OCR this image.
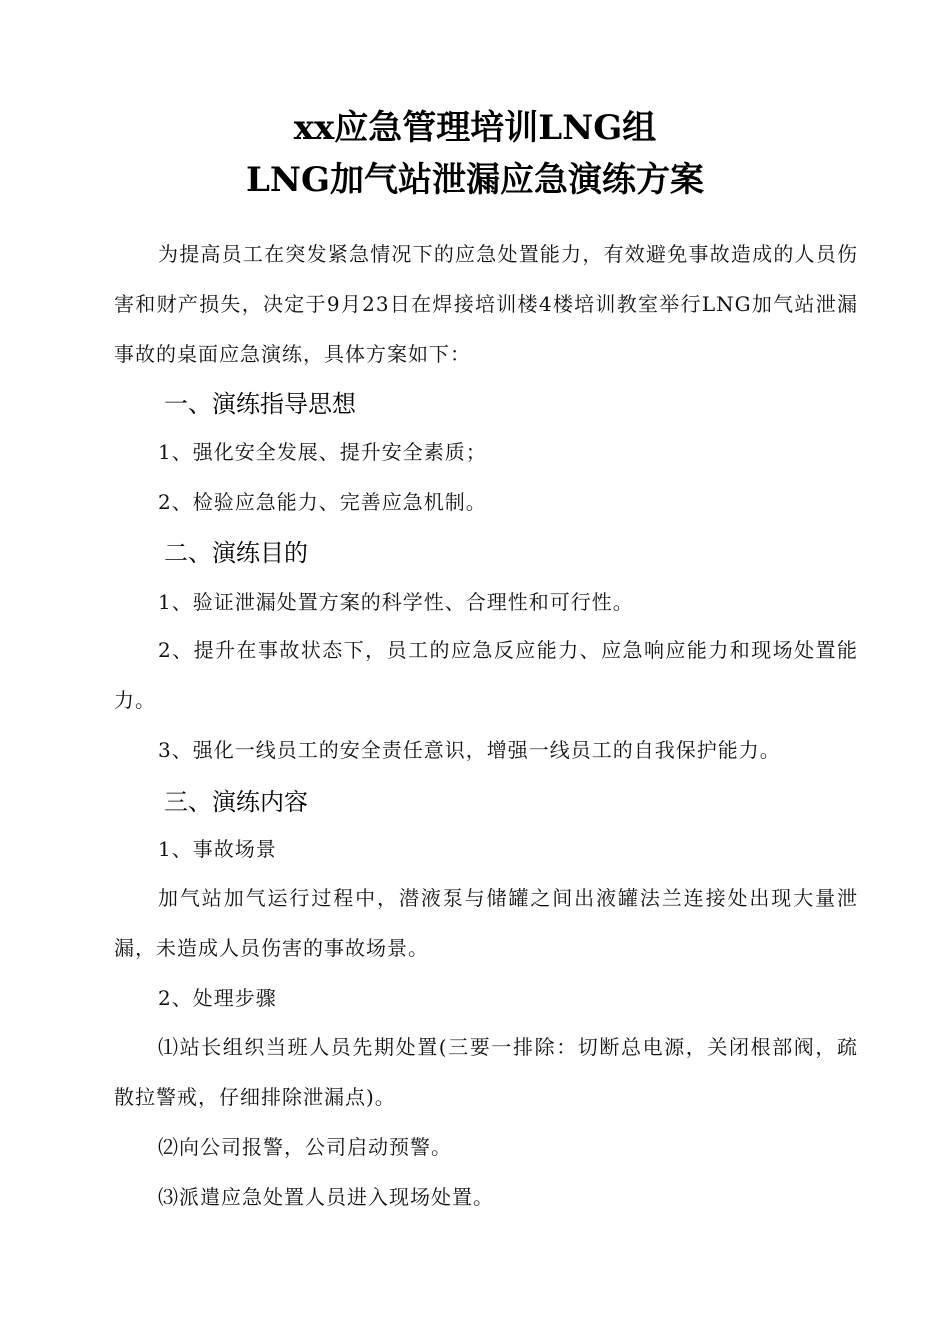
xx应急管理培训LNG组
LNG加气站泄漏应急演练方案
为提高员工在突发紧急情况下的应急处置能力，有效避免事故造成的人员伤害和财产损失，决定于9月23日在焊接培训楼4楼培训教室举行LNG加气站泄漏事故的桌面应急演练，具体方案如下：
一、演练指导思想
1、强化安全发展、提升安全素质；
2、检验应急能力、完善应急机制。
二、演练目的
1、验证泄漏处置方案的科学性、合理性和可行性。
2、提升在事故状态下，员工的应急反应能力、应急响应能力和现场处置能力。
3、强化一线员工的安全责任意识，增强一线员工的自我保护能力。
三、演练内容
1、事故场景
加气站加气运行过程中，潜液泵与储罐之间出液罐法兰连接处出现大量泄漏，未造成人员伤害的事故场景。
2、处理步骤
⑴站长组织当班人员先期处置(三要一排除：切断总电源，关闭根部阀，疏散拉警戒，仔细排除泄漏点)。
⑵向公司报警，公司启动预警。
⑶派遣应急处置人员进入现场处置。
